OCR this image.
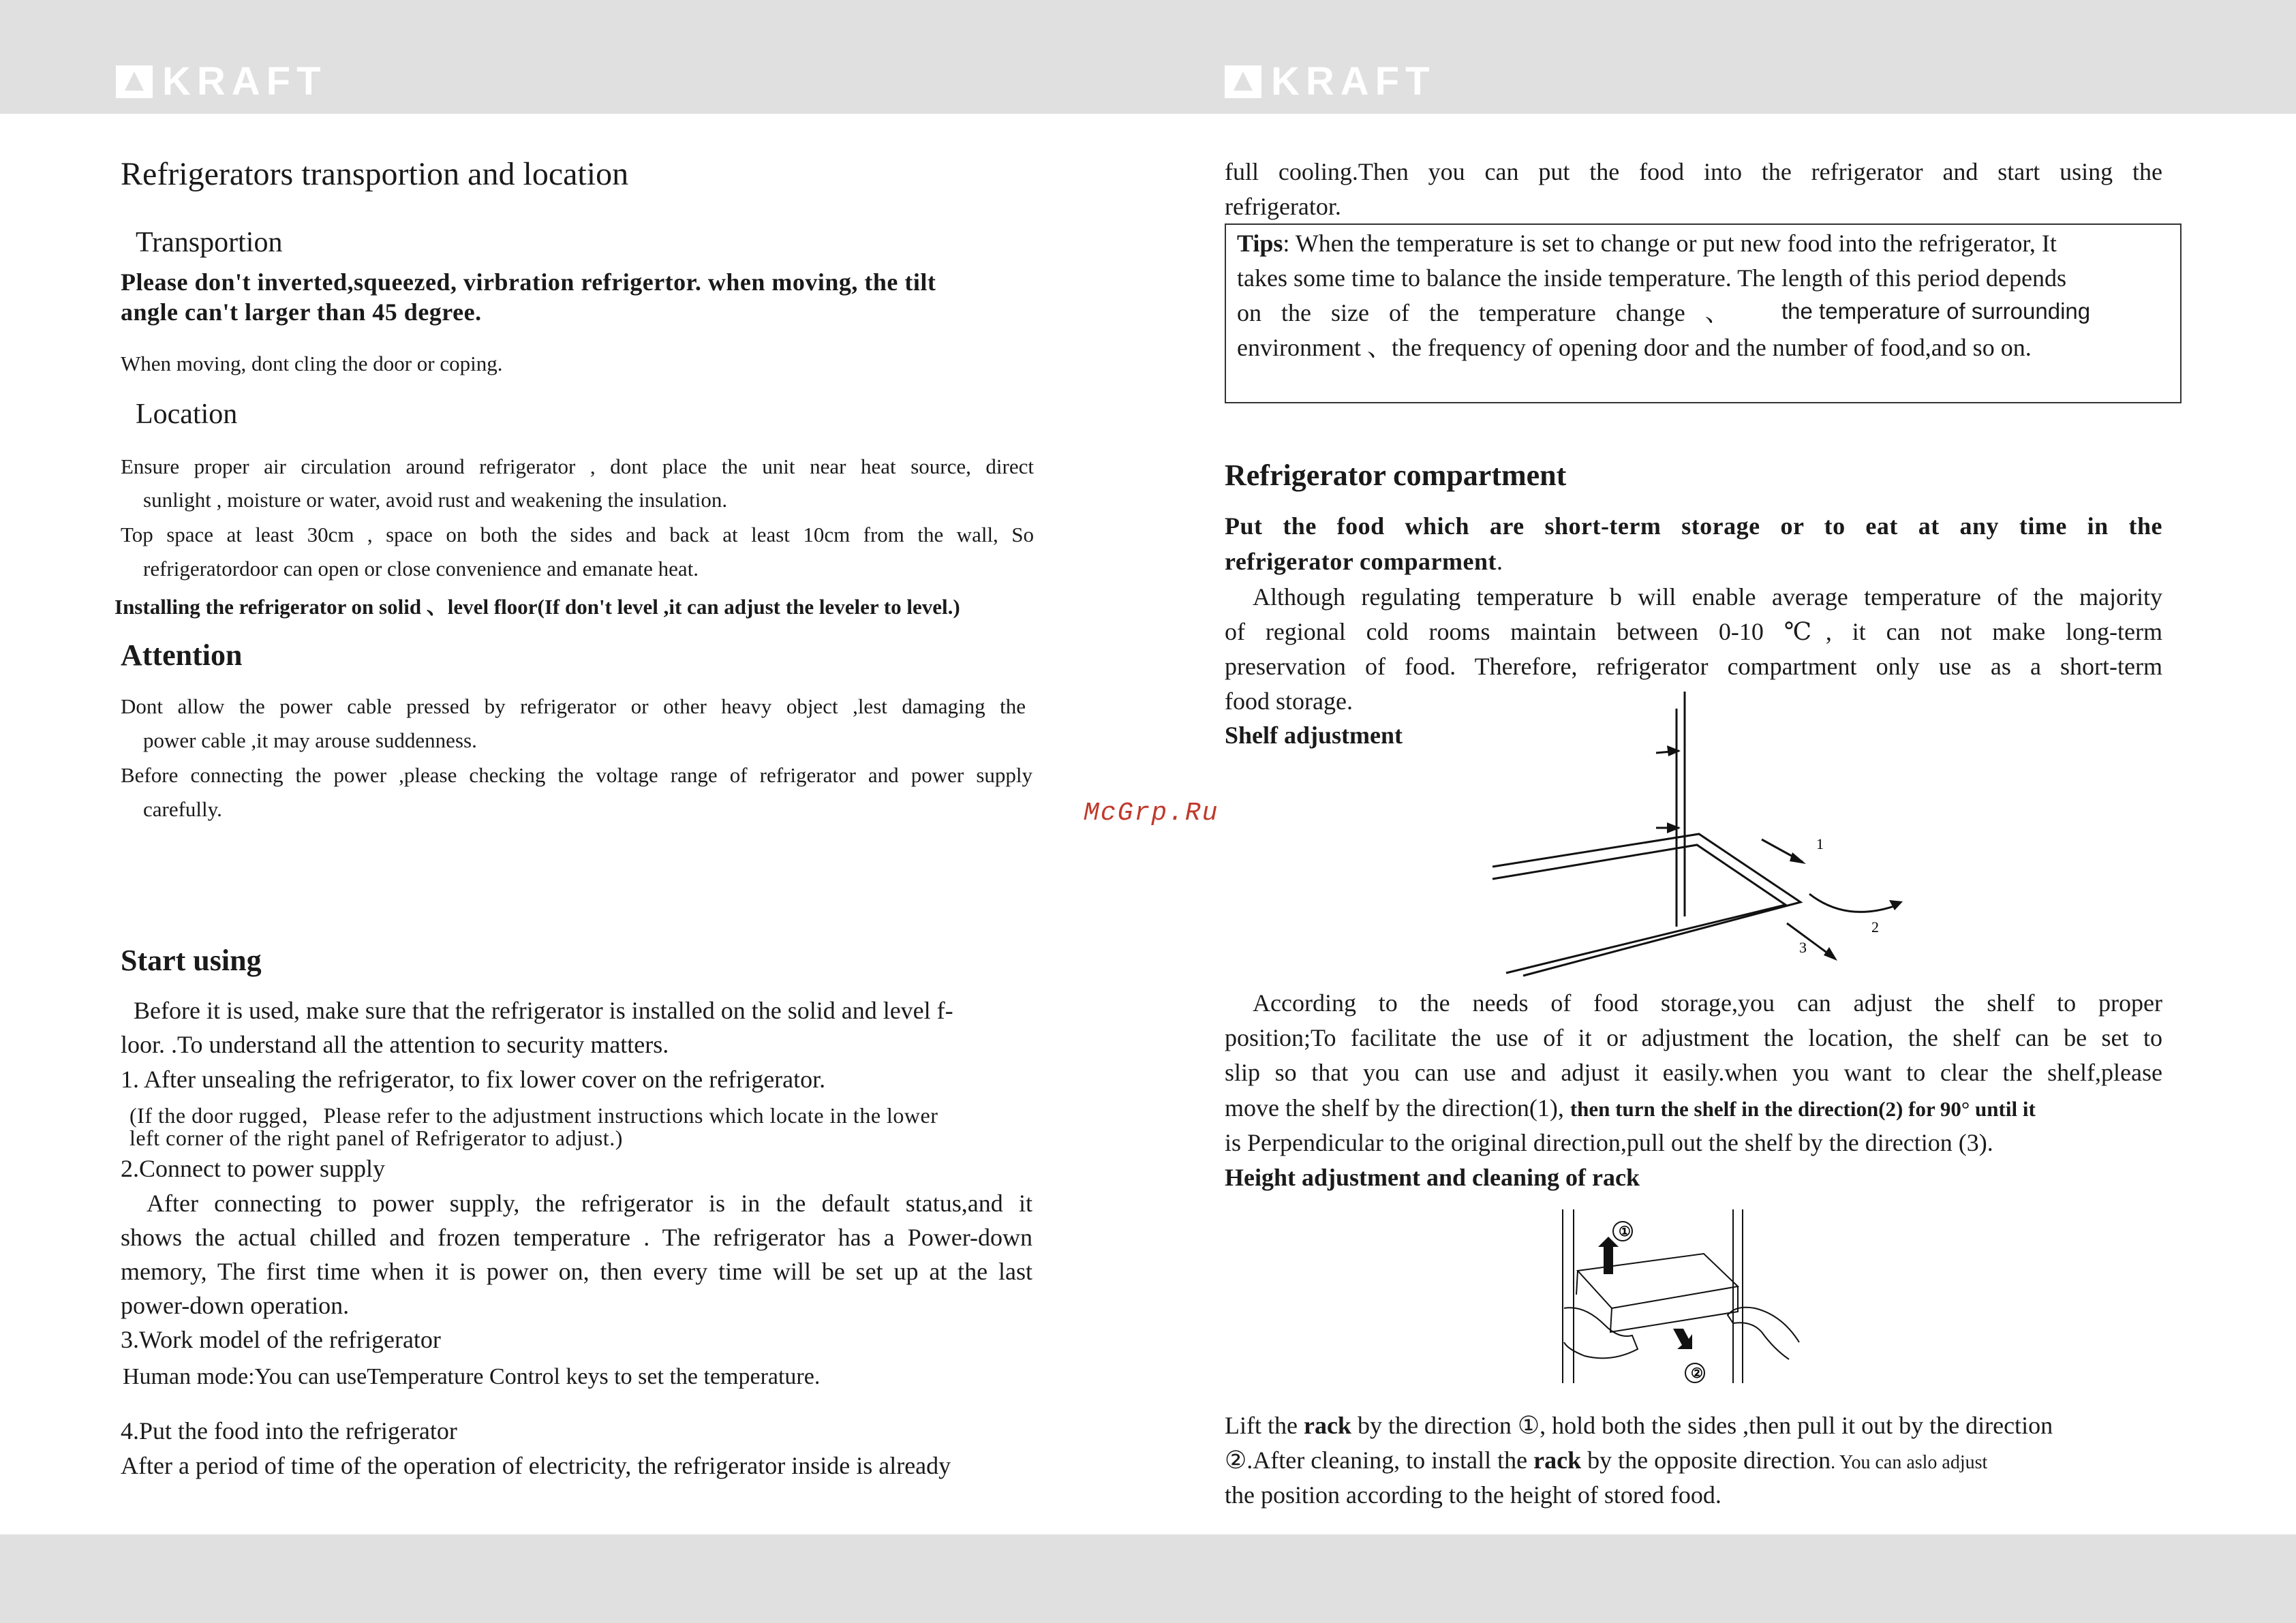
KRAFT	KRAFT
Refrigerators transportion and location
Transportion
Please don't inverted,squeezed, virbration refrigertor. when moving, the tilt
angle can't larger than 45 degree.
When moving, dont cling the door or coping.
Location
Ensure proper air circulation around refrigerator , dont place the unit near heat source, direct
sunlight , moisture or water, avoid rust and weakening the insulation.
Top space at least 30cm , space on both the sides and back at least 10cm from the wall, So
refrigeratordoor can open or close convenience and emanate heat.
Installing the refrigerator on solid 、level floor(If don't level ,it can adjust the leveler to level.)
Attention
Dont allow the power cable pressed by refrigerator or other heavy object ,lest damaging the
power cable ,it may arouse suddenness.
Before connecting the power ,please checking the voltage range of refrigerator and power supply
carefully.
Start using
Before it is used, make sure that the refrigerator is installed on the solid and level f-
loor. .To understand all the attention to security matters.
1. After unsealing the refrigerator, to fix lower cover on the refrigerator.
(If the door rugged，Please refer to the adjustment instructions which locate in the lower
left corner of the right panel of Refrigerator to adjust.)
2.Connect to power supply
After connecting to power supply, the refrigerator is in the default status,and it
shows the actual chilled and frozen temperature . The refrigerator has a Power-down
memory, The first time when it is power on, then every time will be set up at the last
power-down operation.
3.Work model of the refrigerator
Human mode:You can useTemperature Control keys to set the temperature.
4.Put the food into the refrigerator
After a period of time of the operation of electricity, the refrigerator inside is already
McGrp.Ru
full cooling.Then you can put the food into the refrigerator and start using the
refrigerator.
Tips: When the temperature is set to change or put new food into the refrigerator, It
takes some time to balance the inside temperature. The length of this period depends
on the size of the temperature change 、 the temperature of surrounding
environment 、the frequency of opening door and the number of food,and so on.
Refrigerator compartment
Put the food which are short-term storage or to eat at any time in the
refrigerator comparment.
Although regulating temperature b will enable average temperature of the majority
of regional cold rooms maintain between 0-10 ℃, it can not make long-term
preservation of food. Therefore, refrigerator compartment only use as a short-term
food storage.
Shelf adjustment
1
2
3
According to the needs of food storage,you can adjust the shelf to proper
position;To facilitate the use of it or adjustment the location, the shelf can be set to
slip so that you can use and adjust it easily.when you want to clear the shelf,please
move the shelf by the direction(1), then turn the shelf in the direction(2) for 90° until it
is Perpendicular to the original direction,pull out the shelf by the direction (3).
Height adjustment and cleaning of rack
①
②
Lift the rack by the direction ①, hold both the sides ,then pull it out by the direction
②.After cleaning, to install the rack by the opposite direction. You can aslo adjust
the position according to the height of stored food.
